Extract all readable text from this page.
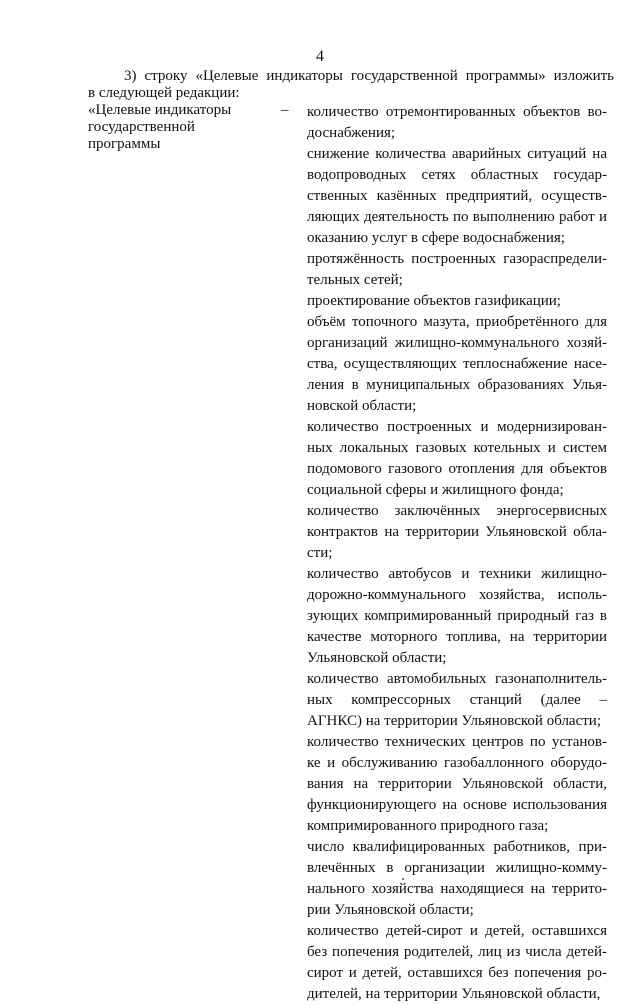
4
3) строку «Целевые индикаторы государственной программы» изложить
в следующей редакции:
«Целевые индикаторы
государственной
программы
– количество отремонтированных объектов во-
доснабжения;
снижение количества аварийных ситуаций на
водопроводных сетях областных государ-
ственных казённых предприятий, осуществ-
ляющих деятельность по выполнению работ и
оказанию услуг в сфере водоснабжения;
протяжённость построенных газораспредели-
тельных сетей;
проектирование объектов газификации;
объём топочного мазута, приобретённого для
организаций жилищно-коммунального хозяй-
ства, осуществляющих теплоснабжение насе-
ления в муниципальных образованиях Улья-
новской области;
количество построенных и модернизирован-
ных локальных газовых котельных и систем
подомового газового отопления для объектов
социальной сферы и жилищного фонда;
количество заключённых энергосервисных
контрактов на территории Ульяновской обла-
сти;
количество автобусов и техники жилищно-
дорожно-коммунального хозяйства, исполь-
зующих компримированный природный газ в
качестве моторного топлива, на территории
Ульяновской области;
количество автомобильных газонаполнитель-
ных компрессорных станций (далее –
АГНКС) на территории Ульяновской области;
количество технических центров по установ-
ке и обслуживанию газобаллонного оборудо-
вания на территории Ульяновской области,
функционирующего на основе использования
компримированного природного газа;
число квалифицированных работников, при-
влечённых в организации жилищно-комму-
нального хозяйства находящиеся на террито-
рии Ульяновской области;
количество детей-сирот и детей, оставшихся
без попечения родителей, лиц из числа детей-
сирот и детей, оставшихся без попечения ро-
дителей, на территории Ульяновской области,
